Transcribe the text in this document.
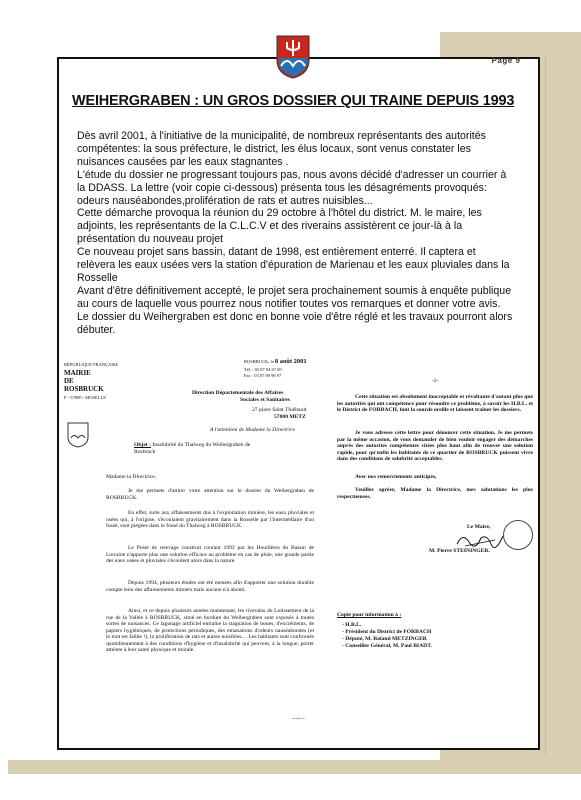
Page 9
WEIHERGRABEN : UN GROS DOSSIER QUI TRAINE DEPUIS 1993

Dès avril 2001, à l'initiative de la municipalité, de nombreux représentants des autorités compétentes: la sous préfecture, le district, les élus locaux, sont venus constater les nuisances causées par les eaux stagnantes .

L'étude du dossier ne progressant toujours pas, nous avons décidé d'adresser un courrier à la DDASS. La lettre (voir copie ci-dessous) présenta tous les désagréments provoqués: odeurs nauséabondes,prolifération de rats et autres nuisibles...

Cette démarche provoqua la réunion du 29 octobre à l'hôtel du district. M. le maire, les adjoints, les représentants de la C.L.C.V et des riverains assistèrent ce jour-là à la présentation du nouveau projet

Ce nouveau projet sans bassin, datant de 1998, est entièrement enterré. Il captera et relèvera les eaux usées vers la station d'épuration de Marienau et les eaux pluviales dans la Rosselle

Avant d'être définitivement accepté, le projet sera prochainement soumis à enquête publique au cours de laquelle vous pourrez nous notifier toutes vos remarques et donner votre avis.

Le dossier du Weihergraben est donc en bonne voie d'être réglé et les travaux pourront alors débuter.

RÉPUBLIQUE FRANÇAISE
MAIRIE
DE
ROSBRUCK
F - 57800 - MOSELLE
ROSBRUCK, le 8 août 2001
Tél. : 03 87 04 67 69
Fax : 03 87 90 96 97
Direction Départementale des Affaires
Sociales et Sanitaires
27 place Saint Thiébault
57000 METZ
A l'attention de Madame la Directrice
Objet : Insalubrité du Thalweg du Weihergraben de Rosbruck
Madame la Directrice,
Je me permets d'attirer votre attention sur le dossier du Weihergraben de ROSBRUCK.
En effet, suite aux affaissements dus à l'exploitation minière, les eaux pluviales et usées qui, à l'origine, s'écoulaient gravitairement dans la Rosselle par l'intermédiaire d'un fossé, sont piégées dans le fossé du Thalweg à ROSBRUCK.
Le Poste de relevage construit courant 1993 par les Houillères du Bassin de Lorraine n'apporte plus une solution efficace au problème en cas de pluie, une grande partie des eaux usées et pluviales s'écoulent alors dans la nature.
Depuis 1994, plusieurs études ont été menées afin d'apporter une solution durable compte tenu des affaissements miniers mais aucune n'a abouti.
Ainsi, et ce depuis plusieurs années maintenant, les riverains du Lotissement de la rue de la Vallée à ROSBRUCK, situé en bordure du Weihergraben sont exposés à toutes sortes de nuisances. Ce lagunage artificiel entraîne la stagnation de boues, d'excréments, de papiers hygiéniques, de protections périodiques, des émanations d'odeurs nauséabondes (et le mot est faible !), la prolifération de rats et autres nuisibles.... Les habitants sont confrontés quotidiennement à des conditions d'hygiène et d'insalubrité qui peuvent, à la longue, porter atteinte à leur santé physique et morale.
---/---
-2-
Cette situation est absolument inacceptable et révoltante d'autant plus que les autorités qui ont compétence pour résoudre ce problème, à savoir les H.B.L. et le District de FORBACH, font la sourde oreille et laissent traîner les dossiers.
Je vous adresse cette lettre pour dénoncer cette situation. Je me permets par la même occasion, de vous demander de bien vouloir engager des démarches auprès des autorités compétentes citées plus haut afin de trouver une solution rapide, pour qu'enfin les habitants de ce quartier de ROSBRUCK puissent vivre dans des conditions de salubrité acceptables.
Avec nos remerciements anticipés,
Veuillez agréer, Madame la Directrice, mes salutations les plus respectueuses.
Le Maire,
M. Pierre STEININGER.
Copie pour information à :
- H.B.L.
- Président du District de FORBACH
- Député, M. Roland METZINGER
- Conseiller Général, M. Paul BIADT.
